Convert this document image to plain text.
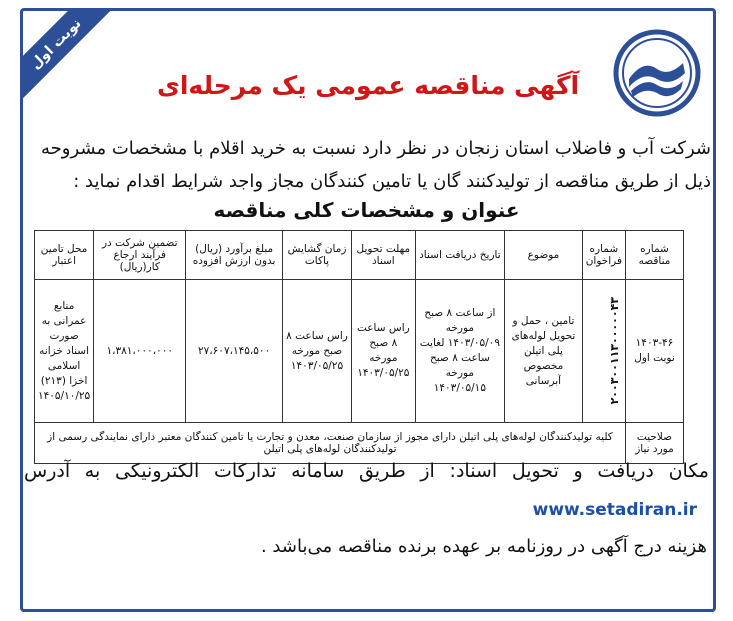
نوبت اول
آگهی مناقصه عمومی یک مرحله‌ای
شرکت آب و فاضلاب استان زنجان در نظر دارد نسبت به خرید اقلام با مشخصات مشروحه ذیل از طریق مناقصه از تولیدکنند گان یا تامین کنندگان مجاز واجد شرایط اقدام نماید :
عنوان و مشخصات کلی مناقصه
شماره مناقصه	شماره فراخوان	موضوع	تاریخ دریافت اسناد	مهلت تحویل اسناد	زمان گشایش پاکات	مبلغ برآورد (ریال) بدون ارزش افزوده	تضمین شرکت در فرآیند ارجاع کار(ریال)	محل تامین اعتبار
۱۴۰۳-۴۶ نوبت اول	۲۰۰۳۰۰۱۱۳۰۰۰۰۰۴۳	تامین ، حمل و تحویل لوله‌های پلی اتیلن مخصوص آبرسانی	از ساعت ۸ صبح مورخه ۱۴۰۳/۰۵/۰۹ لغایت ساعت ۸ صبح مورخه ۱۴۰۳/۰۵/۱۵	راس ساعت ۸ صبح مورخه ۱۴۰۳/۰۵/۲۵	راس ساعت ۸ صبح مورخه ۱۴۰۳/۰۵/۲۵	۲۷،۶۰۷،۱۴۵،۵۰۰	۱،۳۸۱،۰۰۰،۰۰۰	منابع عمرانی به صورت اسناد خزانه اسلامی اخزا (۲۱۳) ۱۴۰۵/۱۰/۲۵
صلاحیت مورد نیاز	کلیه تولیدکنندگان لوله‌های پلی اتیلن دارای مجوز از سازمان صنعت، معدن و تجارت یا تامین کنندگان معتبر دارای نمایندگی رسمی از تولیدکنندگان لوله‌های پلی اتیلن							
مکان دریافت و تحویل اسناد: از طریق سامانه تدارکات الکترونیکی به آدرس
www.setadiran.ir
هزینه درج آگهی در روزنامه بر عهده برنده مناقصه می‌باشد .
